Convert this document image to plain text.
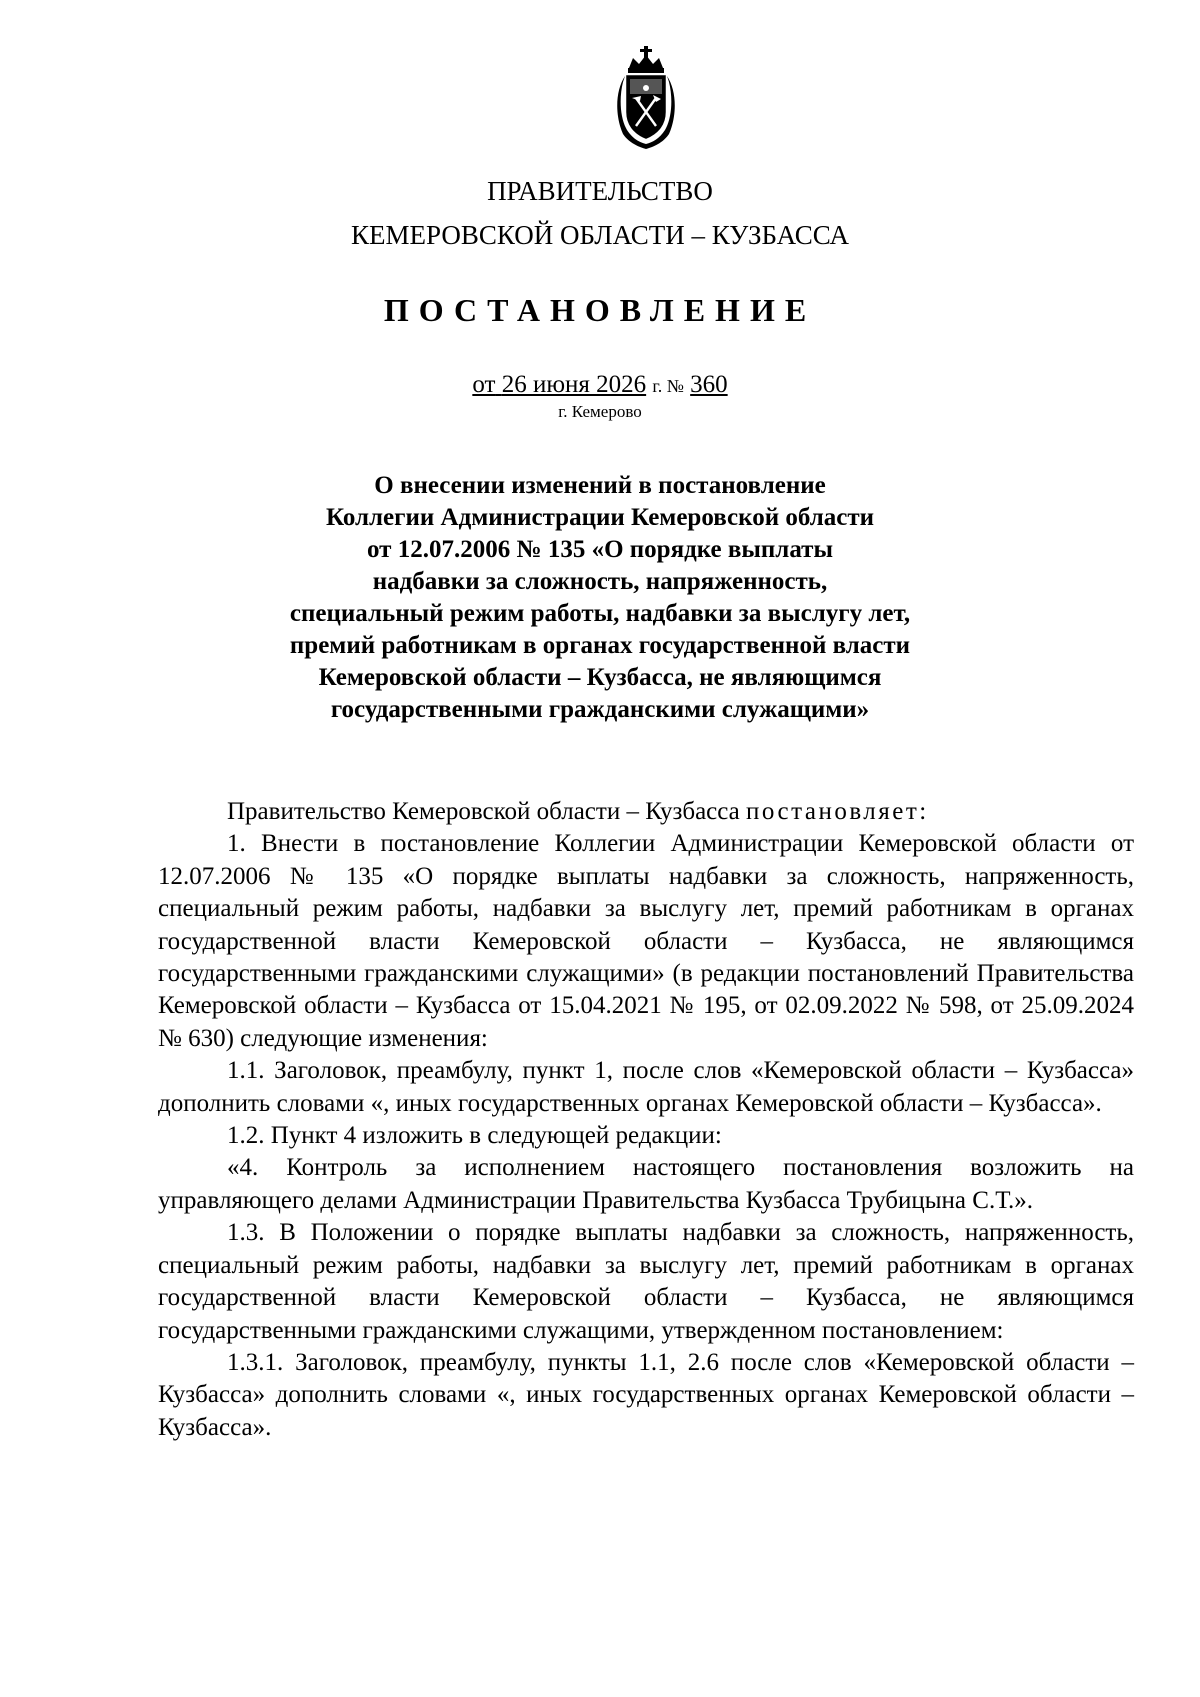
ПРАВИТЕЛЬСТВО
КЕМЕРОВСКОЙ ОБЛАСТИ – КУЗБАССА
ПОСТАНОВЛЕНИЕ
от 26 июня 2026 г. № 360
г. Кемерово
О внесении изменений в постановление
Коллегии Администрации Кемеровской области
от 12.07.2006 № 135 «О порядке выплаты
надбавки за сложность, напряженность,
специальный режим работы, надбавки за выслугу лет,
премий работникам в органах государственной власти
Кемеровской области – Кузбасса, не являющимся
государственными гражданскими служащими»

Правительство Кемеровской области – Кузбасса постановляет:

1. Внести в постановление Коллегии Администрации Кемеровской области от 12.07.2006 № 135 «О порядке выплаты надбавки за сложность, напряженность, специальный режим работы, надбавки за выслугу лет, премий работникам в органах государственной власти Кемеровской области – Кузбасса, не являющимся государственными гражданскими служащими» (в редакции постановлений Правительства Кемеровской области – Кузбасса от 15.04.2021 № 195, от 02.09.2022 № 598, от 25.09.2024 № 630) следующие изменения:

1.1. Заголовок, преамбулу, пункт 1, после слов «Кемеровской области – Кузбасса» дополнить словами «, иных государственных органах Кемеровской области – Кузбасса».

1.2. Пункт 4 изложить в следующей редакции:

«4. Контроль за исполнением настоящего постановления возложить на управляющего делами Администрации Правительства Кузбасса Трубицына С.Т.».

1.3. В Положении о порядке выплаты надбавки за сложность, напряженность, специальный режим работы, надбавки за выслугу лет, премий работникам в органах государственной власти Кемеровской области – Кузбасса, не являющимся государственными гражданскими служащими, утвержденном постановлением:

1.3.1. Заголовок, преамбулу, пункты 1.1, 2.6 после слов «Кемеровской области – Кузбасса» дополнить словами «, иных государственных органах Кемеровской области – Кузбасса».
